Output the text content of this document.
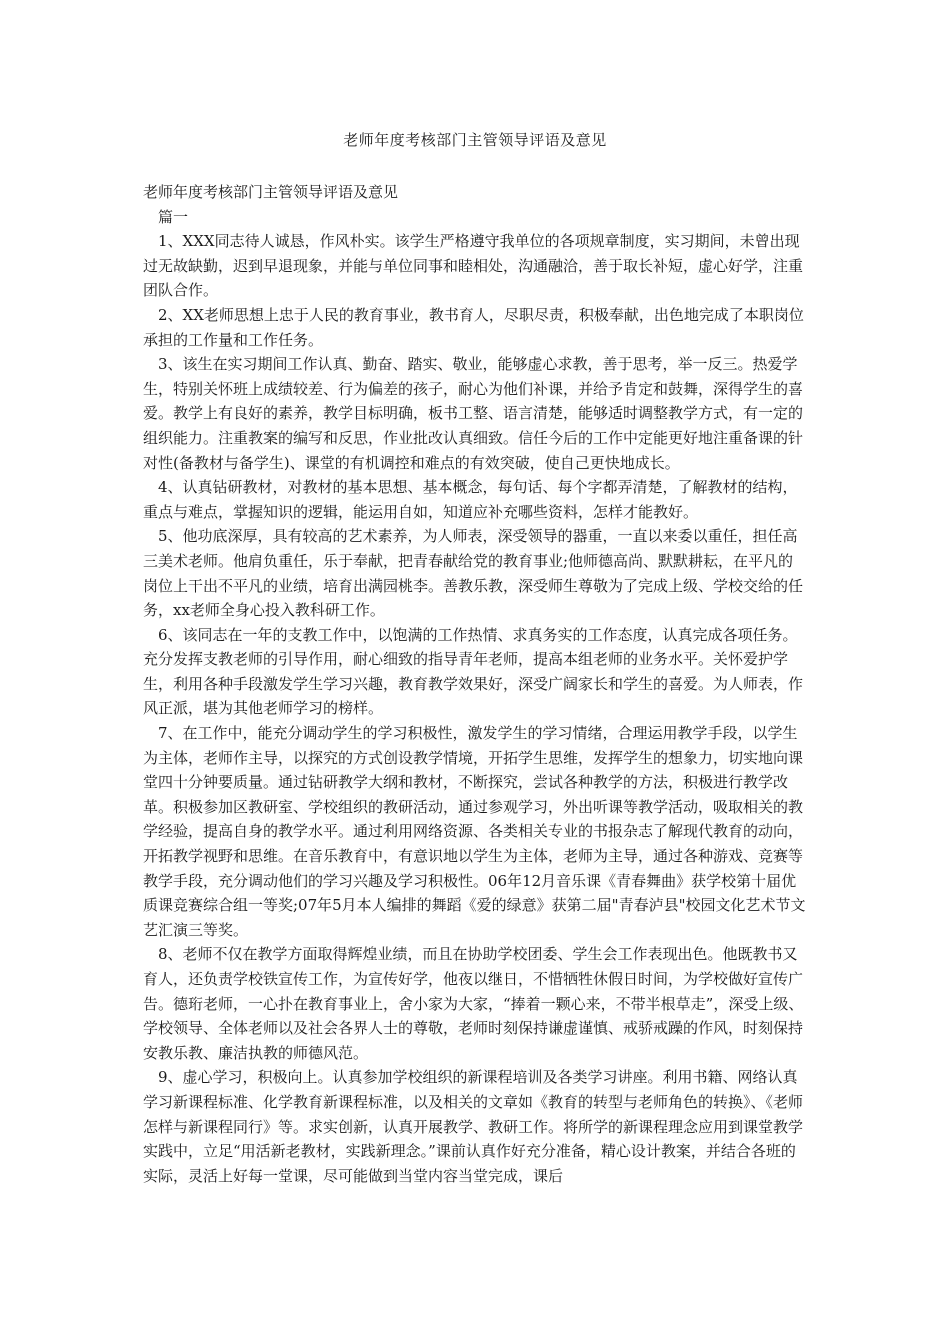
老师年度考核部门主管领导评语及意见

老师年度考核部门主管领导评语及意见

篇一

1、XXX同志待人诚恳，作风朴实。该学生严格遵守我单位的各项规章制度，实习期间，未曾出现过无故缺勤，迟到早退现象，并能与单位同事和睦相处，沟通融洽，善于取长补短，虚心好学，注重团队合作。

2、XX老师思想上忠于人民的教育事业，教书育人，尽职尽责，积极奉献，出色地完成了本职岗位承担的工作量和工作任务。

3、该生在实习期间工作认真、勤奋、踏实、敬业，能够虚心求教，善于思考，举一反三。热爱学生，特别关怀班上成绩较差、行为偏差的孩子，耐心为他们补课，并给予肯定和鼓舞，深得学生的喜爱。教学上有良好的素养，教学目标明确，板书工整、语言清楚，能够适时调整教学方式，有一定的组织能力。注重教案的编写和反思，作业批改认真细致。信任今后的工作中定能更好地注重备课的针对性(备教材与备学生)、课堂的有机调控和难点的有效突破，使自己更快地成长。

4、认真钻研教材，对教材的基本思想、基本概念，每句话、每个字都弄清楚，了解教材的结构，重点与难点，掌握知识的逻辑，能运用自如，知道应补充哪些资料，怎样才能教好。

5、他功底深厚，具有较高的艺术素养，为人师表，深受领导的器重，一直以来委以重任，担任高三美术老师。他肩负重任，乐于奉献，把青春献给党的教育事业;他师德高尚、默默耕耘，在平凡的岗位上干出不平凡的业绩，培育出满园桃李。善教乐教，深受师生尊敬为了完成上级、学校交给的任务，xx老师全身心投入教科研工作。

6、该同志在一年的支教工作中，以饱满的工作热情、求真务实的工作态度，认真完成各项任务。充分发挥支教老师的引导作用，耐心细致的指导青年老师，提高本组老师的业务水平。关怀爱护学生，利用各种手段激发学生学习兴趣，教育教学效果好，深受广阔家长和学生的喜爱。为人师表，作风正派，堪为其他老师学习的榜样。

7、在工作中，能充分调动学生的学习积极性，激发学生的学习情绪，合理运用教学手段，以学生为主体，老师作主导，以探究的方式创设教学情境，开拓学生思维，发挥学生的想象力，切实地向课堂四十分钟要质量。通过钻研教学大纲和教材，不断探究，尝试各种教学的方法，积极进行教学改革。积极参加区教研室、学校组织的教研活动，通过参观学习，外出听课等教学活动，吸取相关的教学经验，提高自身的教学水平。通过利用网络资源、各类相关专业的书报杂志了解现代教育的动向，开拓教学视野和思维。在音乐教育中，有意识地以学生为主体，老师为主导，通过各种游戏、竞赛等教学手段，充分调动他们的学习兴趣及学习积极性。06年12月音乐课《青春舞曲》获学校第十届优质课竞赛综合组一等奖;07年5月本人编排的舞蹈《爱的绿意》获第二届"青春泸县"校园文化艺术节文艺汇演三等奖。

8、老师不仅在教学方面取得辉煌业绩，而且在协助学校团委、学生会工作表现出色。他既教书又育人，还负责学校铁宣传工作，为宣传好学，他夜以继日，不惜牺牲休假日时间，为学校做好宣传广告。德珩老师，一心扑在教育事业上，舍小家为大家，“捧着一颗心来，不带半根草走”，深受上级、学校领导、全体老师以及社会各界人士的尊敬，老师时刻保持谦虚谨慎、戒骄戒躁的作风，时刻保持安教乐教、廉洁执教的师德风范。

9、虚心学习，积极向上。认真参加学校组织的新课程培训及各类学习讲座。利用书籍、网络认真学习新课程标准、化学教育新课程标准，以及相关的文章如《教育的转型与老师角色的转换》、《老师怎样与新课程同行》等。求实创新，认真开展教学、教研工作。将所学的新课程理念应用到课堂教学实践中，立足“用活新老教材，实践新理念。”课前认真作好充分准备，精心设计教案，并结合各班的实际，灵活上好每一堂课，尽可能做到当堂内容当堂完成，课后
